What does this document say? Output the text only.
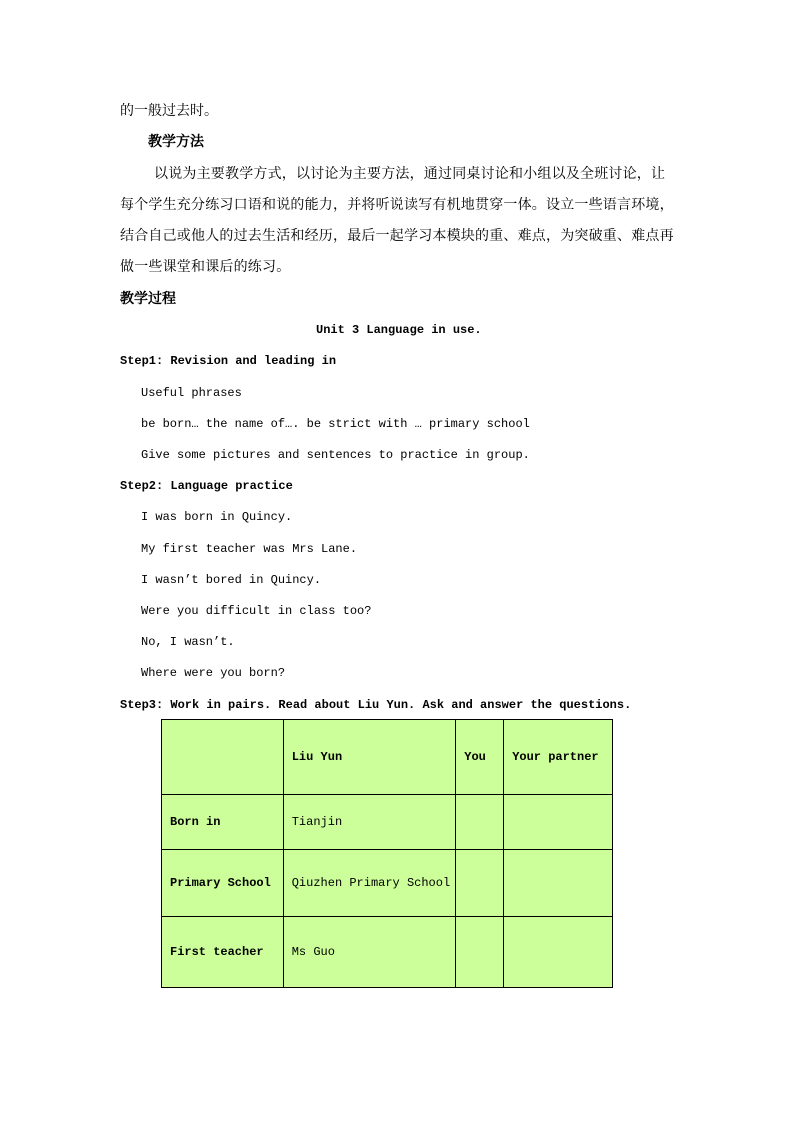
的一般过去时。
教学方法
以说为主要教学方式，以讨论为主要方法，通过同桌讨论和小组以及全班讨论，让每个学生充分练习口语和说的能力，并将听说读写有机地贯穿一体。设立一些语言环境，结合自己或他人的过去生活和经历，最后一起学习本模块的重、难点，为突破重、难点再做一些课堂和课后的练习。
教学过程
Unit 3 Language in use.
Step1: Revision and leading in
Useful phrases
be born… the name of…. be strict with … primary school
Give some pictures and sentences to practice in group.
Step2: Language practice
I was born in Quincy.
My first teacher was Mrs Lane.
I wasn’t bored in Quincy.
Were you difficult in class too?
No, I wasn’t.
Where were you born?
Step3: Work in pairs. Read about Liu Yun. Ask and answer the questions.
	Liu Yun	You	Your partner
Born in	Tianjin		
Primary School	Qiuzhen Primary School		
First teacher	Ms Guo		
